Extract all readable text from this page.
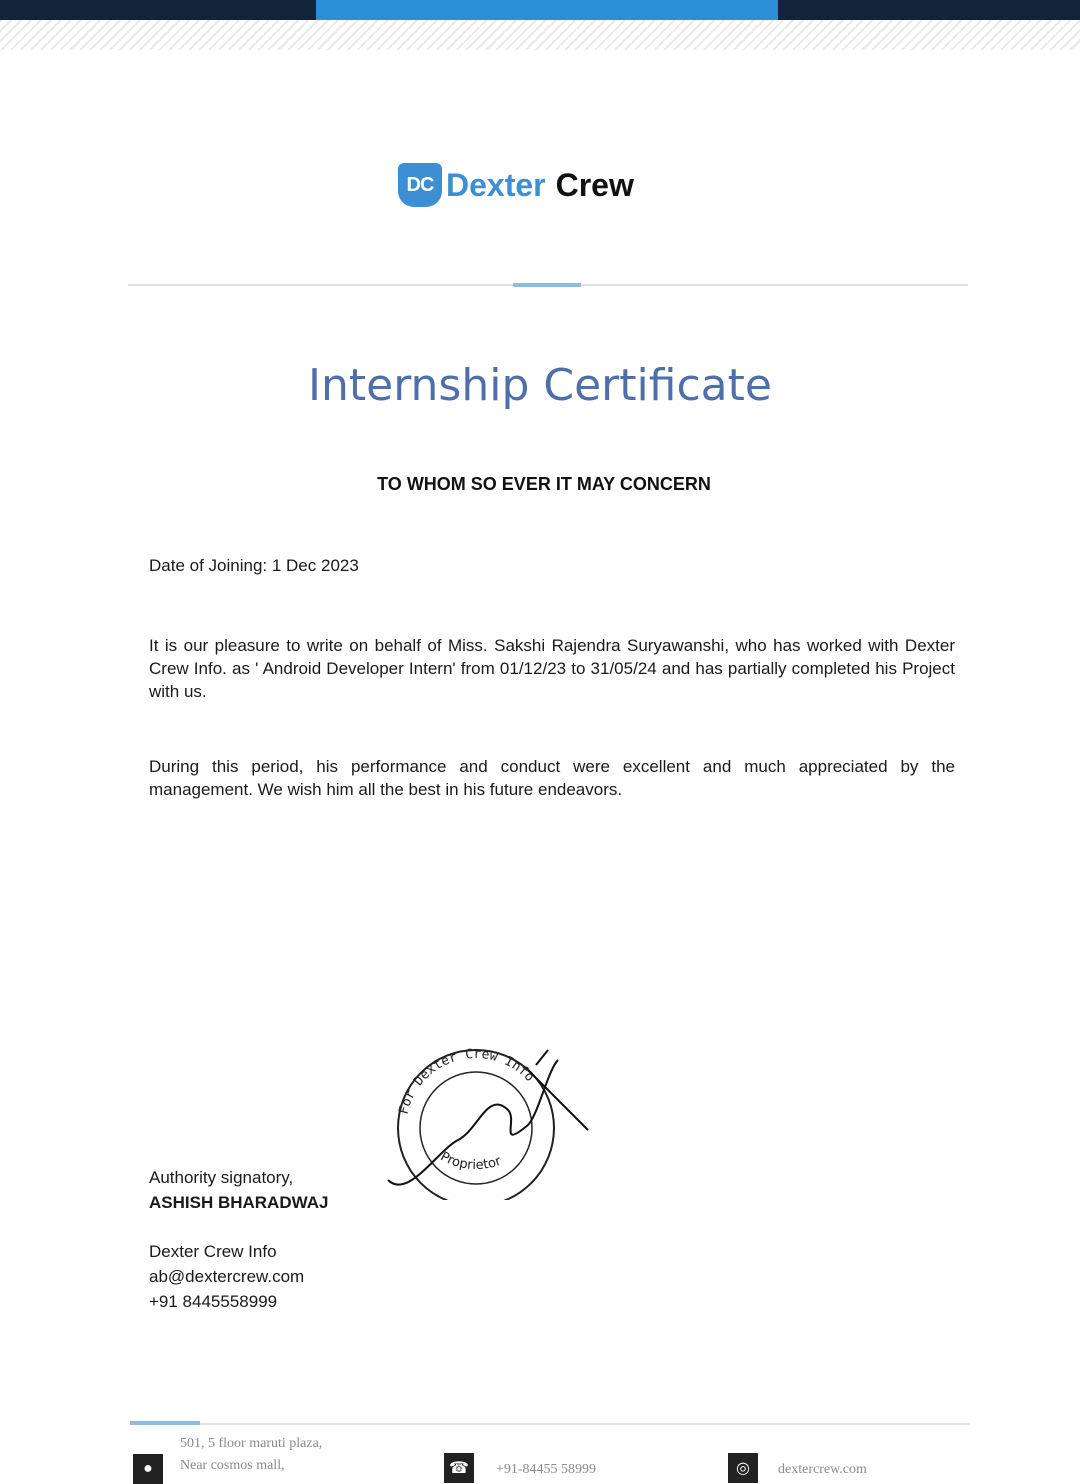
DC Dexter Crew
Internship Certificate
TO WHOM SO EVER IT MAY CONCERN
Date of Joining: 1 Dec 2023
It is our pleasure to write on behalf of Miss. Sakshi Rajendra Suryawanshi, who has worked with Dexter Crew Info. as ' Android Developer Intern' from 01/12/23 to 31/05/24 and has partially completed his Project with us.
During this period, his performance and conduct were excellent and much appreciated by the management. We wish him all the best in his future endeavors.
For Dexter Crew Info
Proprietor
Authority signatory,
ASHISH BHARADWAJ
Dexter Crew Info
ab@dextercrew.com
+91 8445558999
●
501, 5 floor maruti plaza,
Near cosmos mall,	☎	+91-84455 58999	◎	dextercrew.com
